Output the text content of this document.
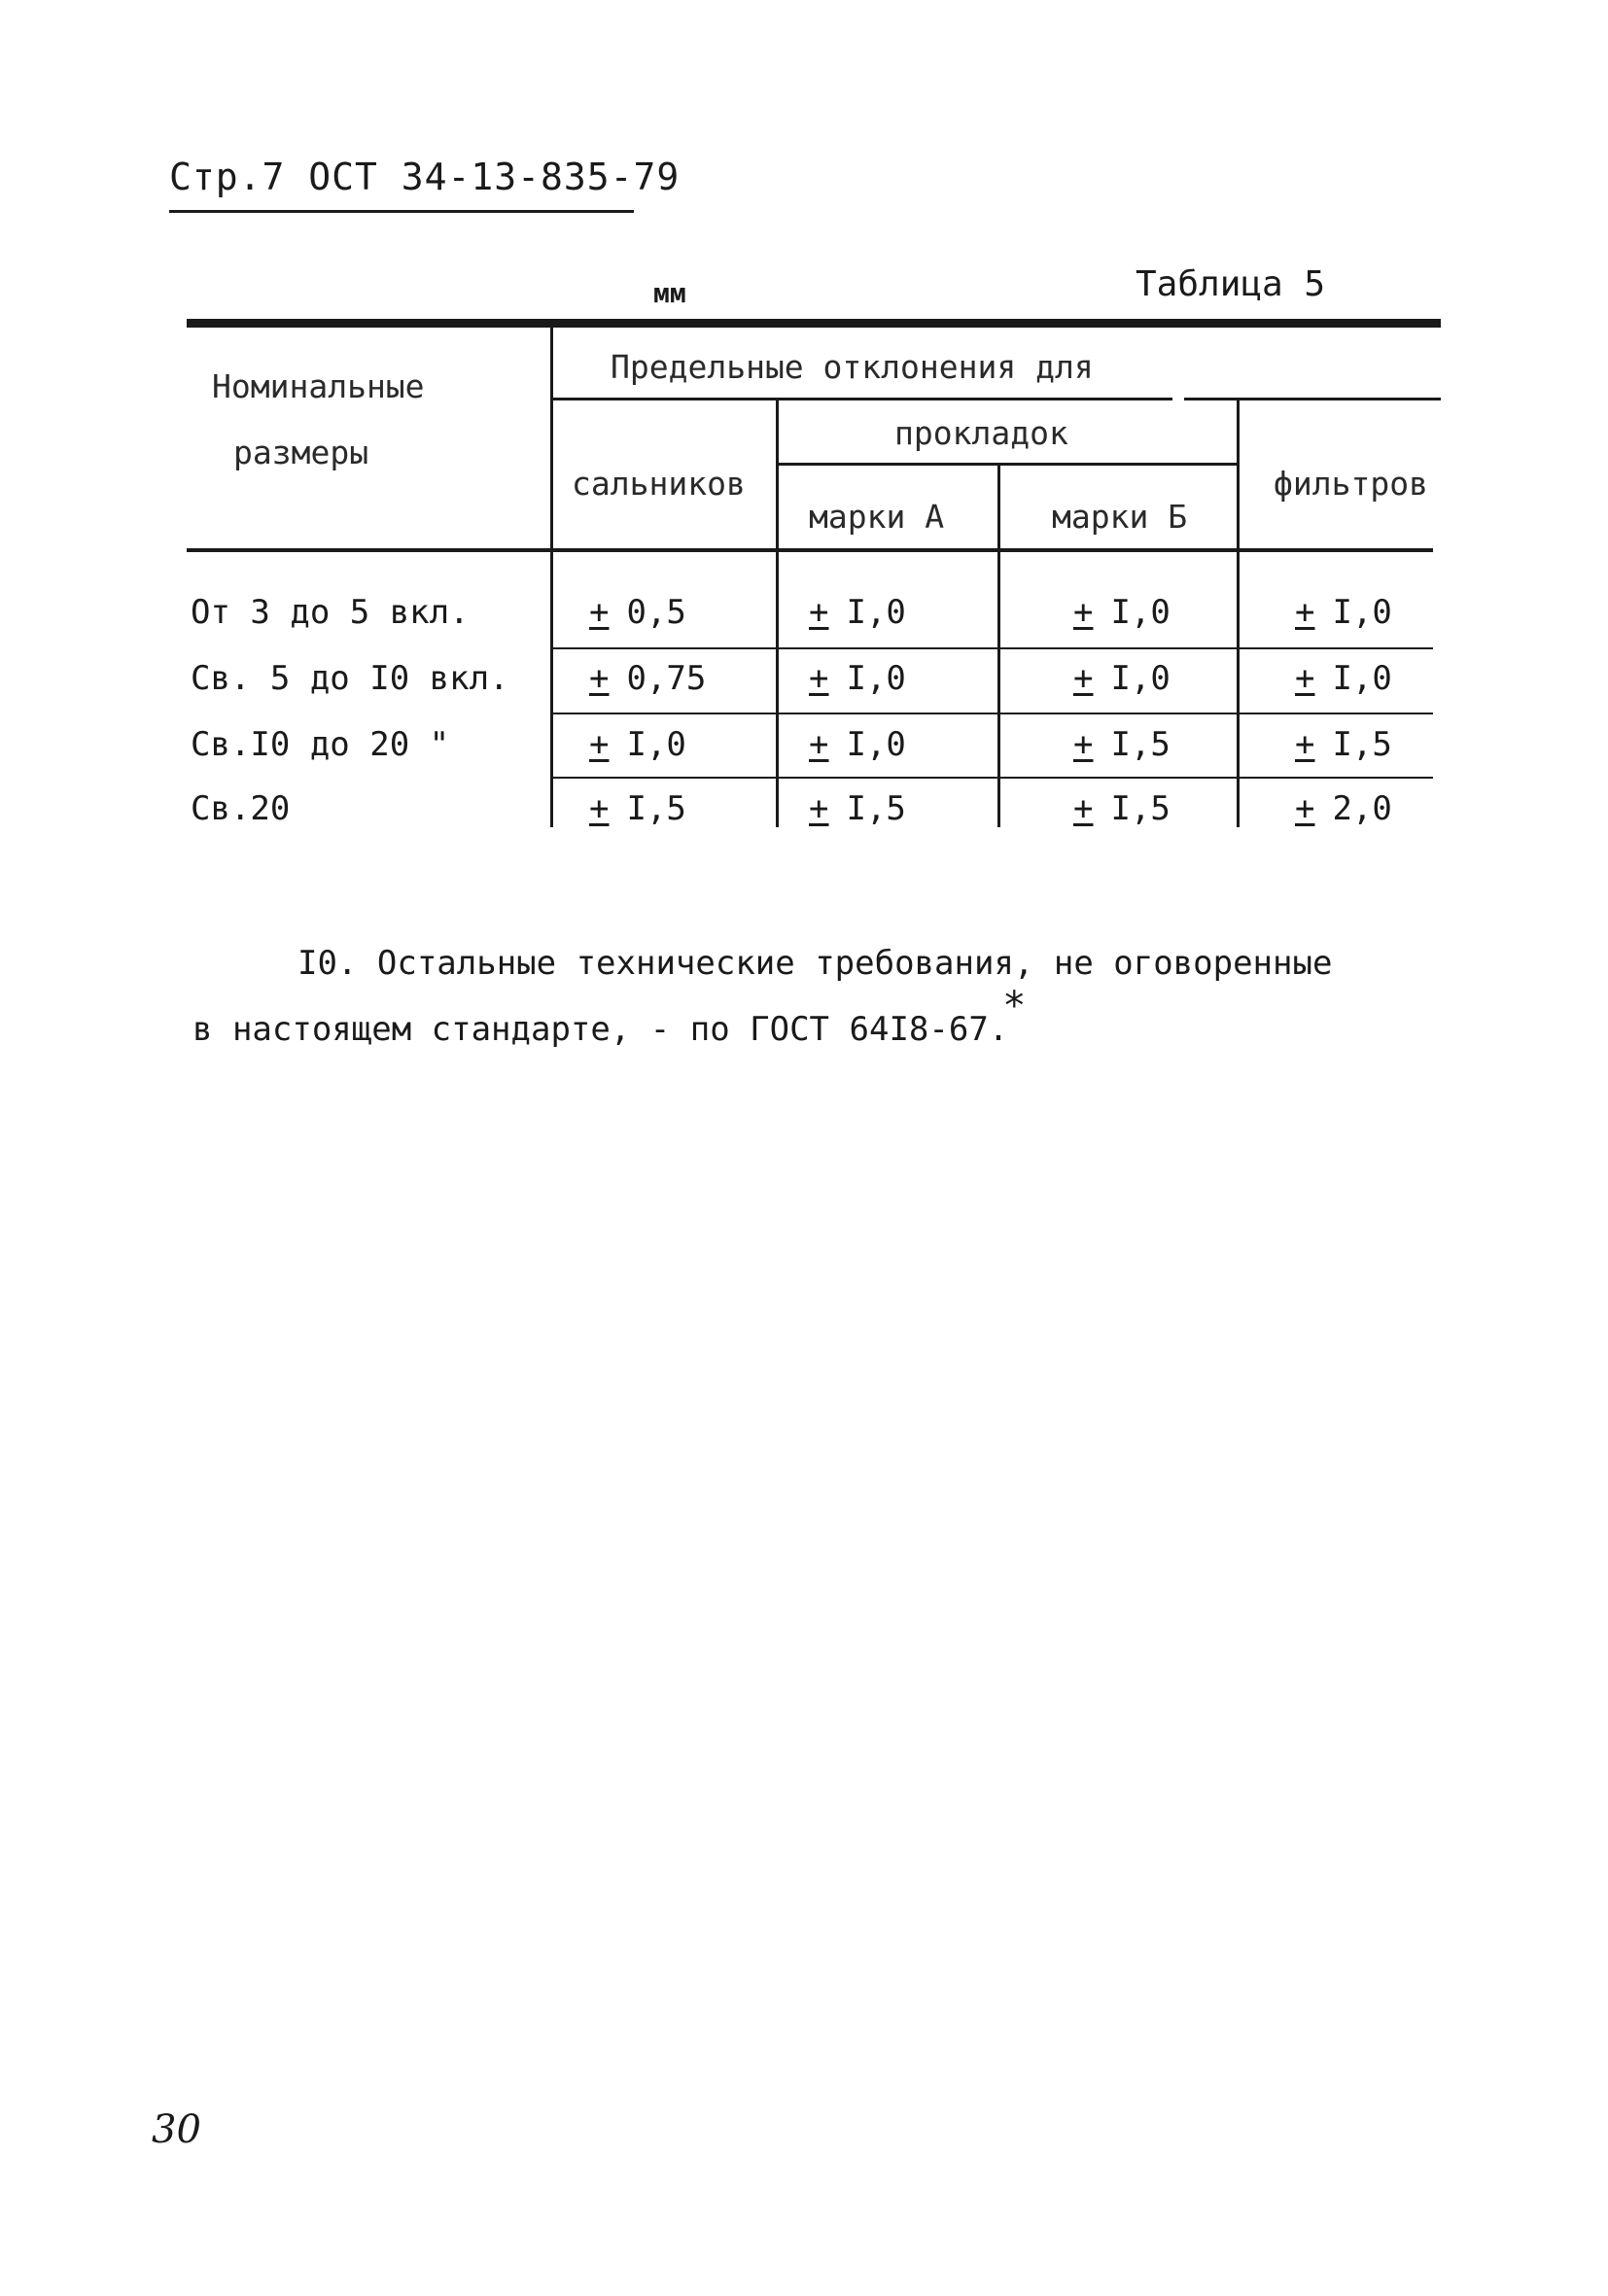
Стр.7 ОСТ 34-13-835-79
мм	Таблица 5
Номинальные
размеры
Предельные отклонения для
прокладок
сальников	фильтров
марки А	марки Б
От 3 до 5 вкл.	+ 0,5	+ I,0	+ I,0	+ I,0
Св. 5 до I0 вкл. + 0,75	+ I,0	+ I,0	+ I,0
Св.I0 до 20 "	+ I,0	+ I,0	+ I,5	+ I,5
Св.20	+ I,5	+ I,5	+ I,5	+ 2,0
I0. Остальные технические требования, не оговоренные
в настоящем стандарте, - по ГОСТ 64I8-67.*
30
